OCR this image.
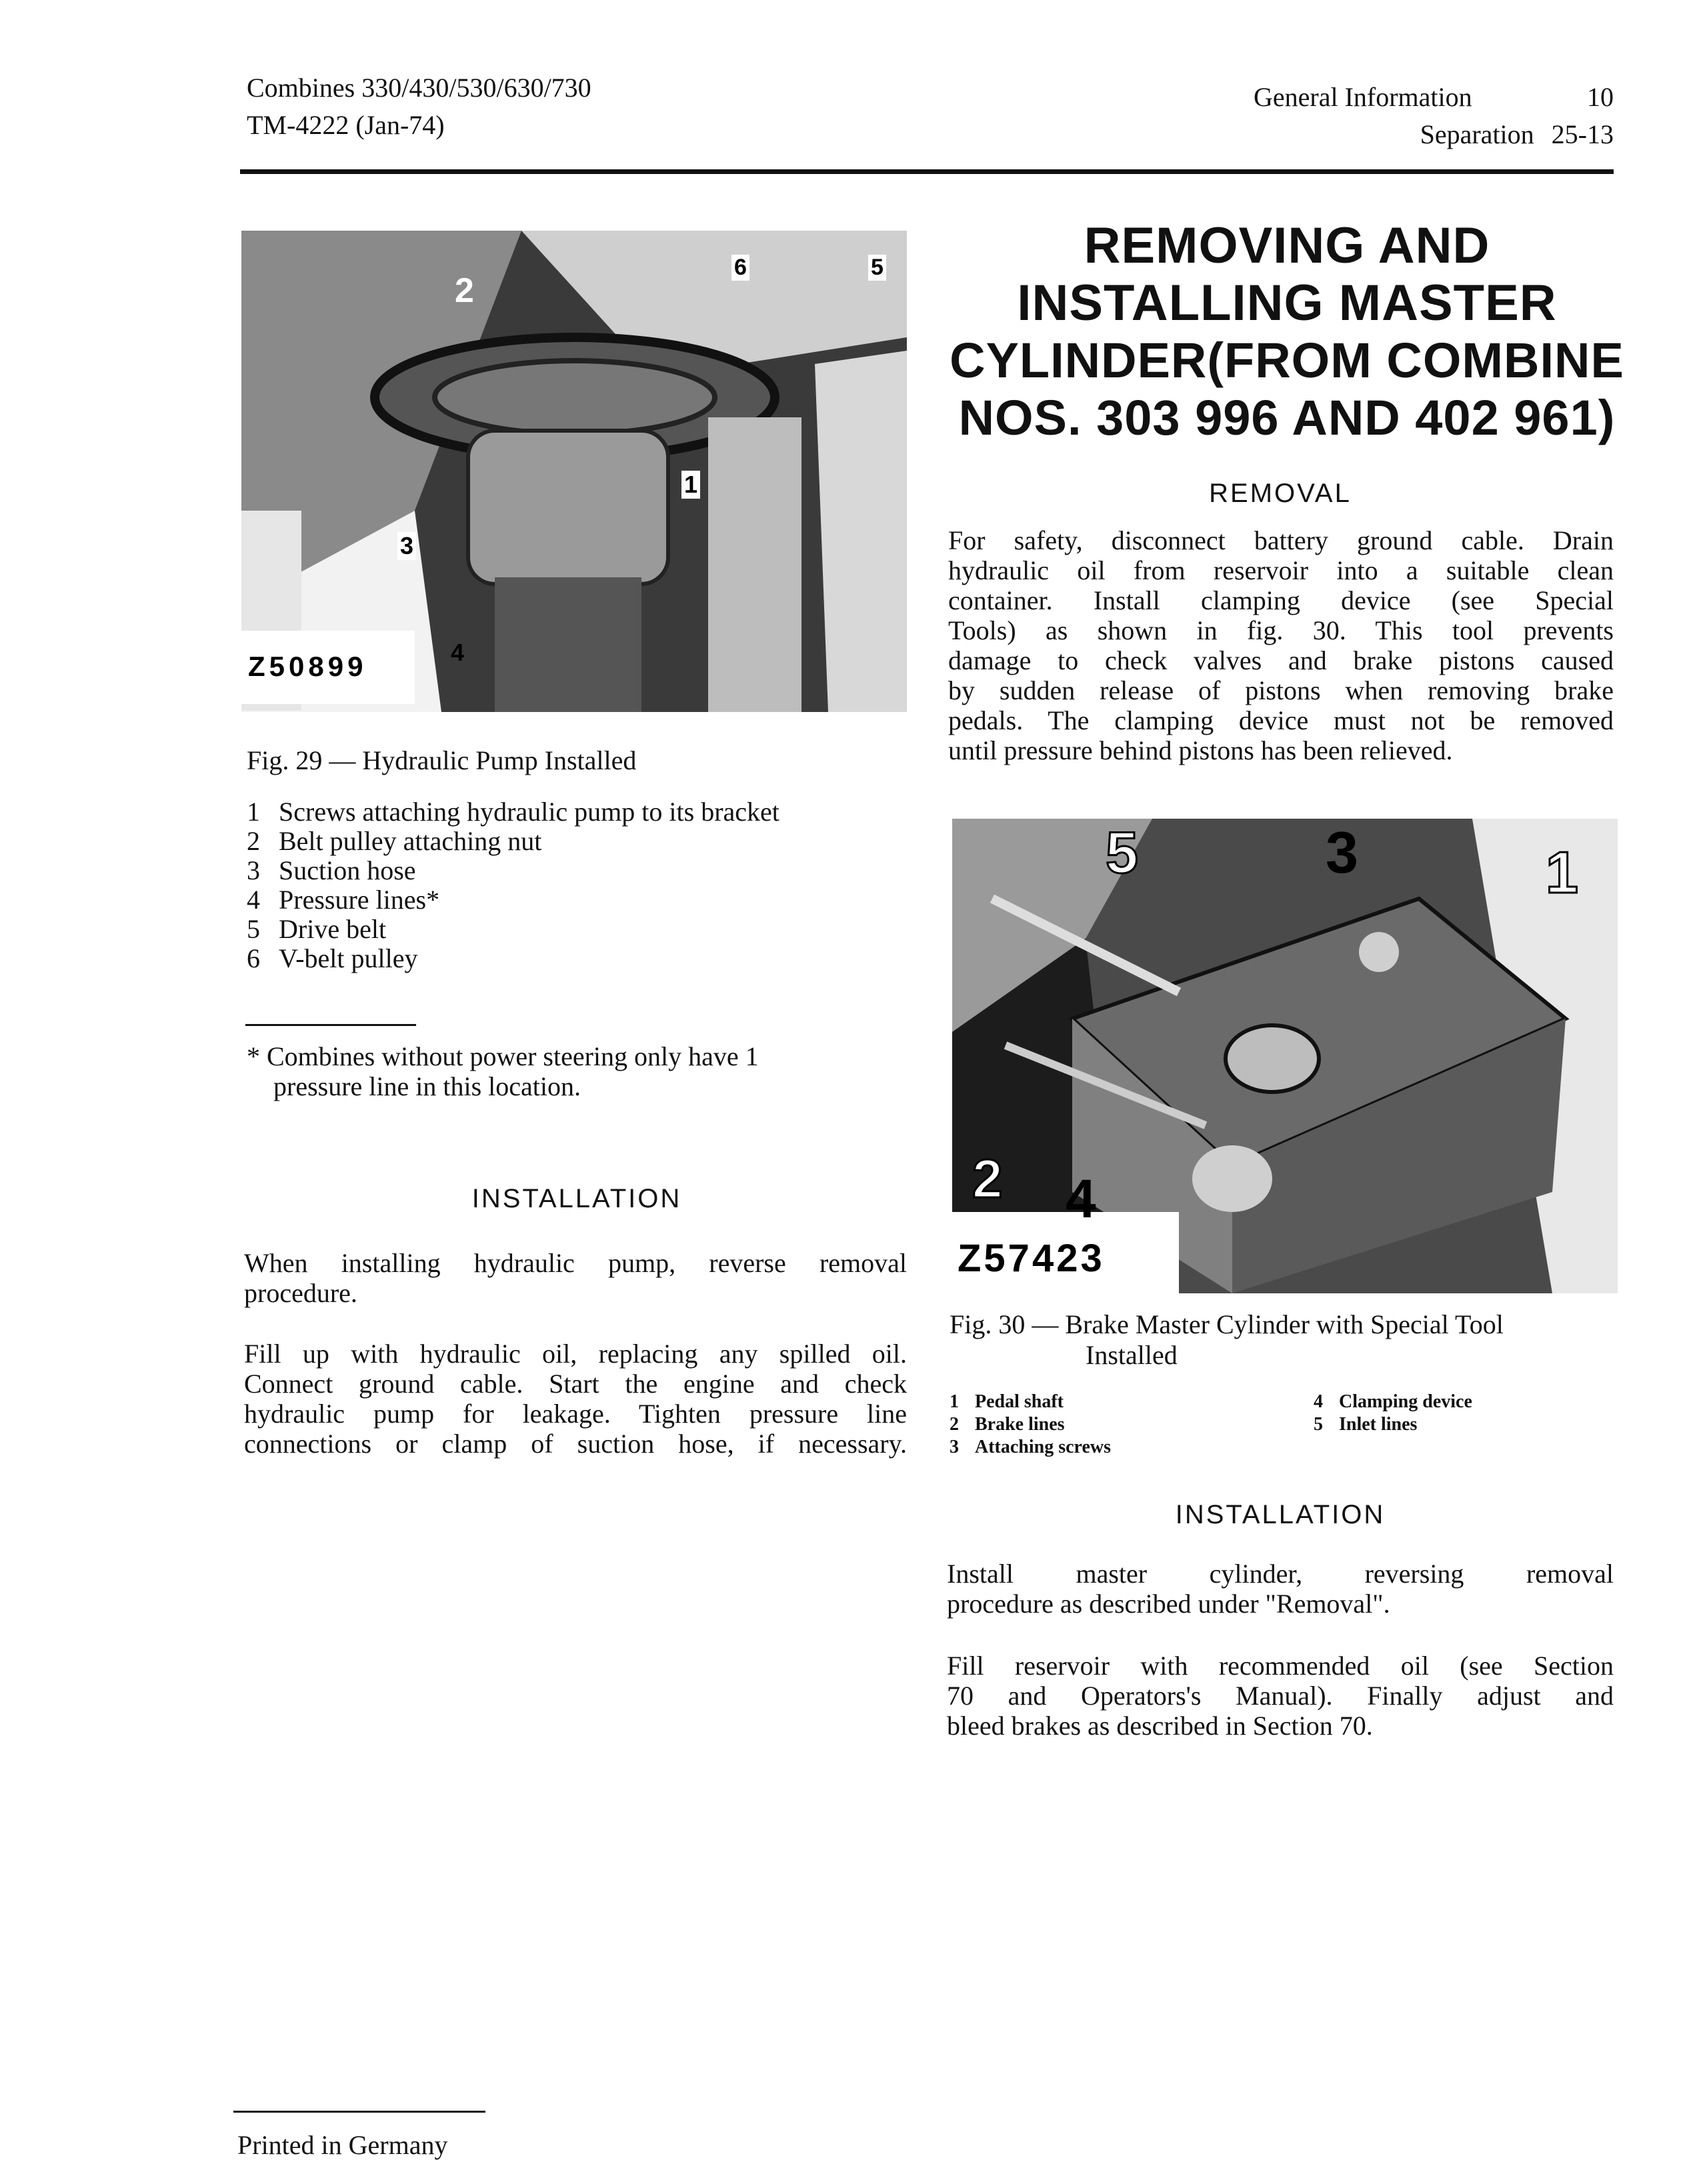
Combines 330/430/530/630/730
TM-4222 (Jan-74)
General Information	10
Separation 25-13
2
6	5
1
3
4
Z50899
Fig. 29 — Hydraulic Pump Installed
1 Screws attaching hydraulic pump to its bracket
2 Belt pulley attaching nut
3 Suction hose
4 Pressure lines*
5 Drive belt
6 V-belt pulley
* Combines without power steering only have 1
pressure line in this location.
INSTALLATION
When installing hydraulic pump, reverse removal
procedure.
Fill up with hydraulic oil, replacing any spilled oil.
Connect ground cable. Start the engine and check
hydraulic pump for leakage. Tighten pressure line
connections or clamp of suction hose, if necessary.
REMOVING AND
INSTALLING MASTER
CYLINDER(FROM COMBINE
NOS. 303 996 AND 402 961)
REMOVAL
For safety, disconnect battery ground cable. Drain
hydraulic oil from reservoir into a suitable clean
container. Install clamping device (see Special
Tools) as shown in fig. 30. This tool prevents
damage to check valves and brake pistons caused
by sudden release of pistons when removing brake
pedals. The clamping device must not be removed
until pressure behind pistons has been relieved.
5	3	1
2 4
Z57423
Fig. 30 — Brake Master Cylinder with Special Tool
Installed
1 Pedal shaft
2 Brake lines
3 Attaching screws
4 Clamping device
5 Inlet lines
INSTALLATION
Install master cylinder, reversing removal
procedure as described under "Removal".
Fill reservoir with recommended oil (see Section
70 and Operators's Manual). Finally adjust and
bleed brakes as described in Section 70.
Printed in Germany
